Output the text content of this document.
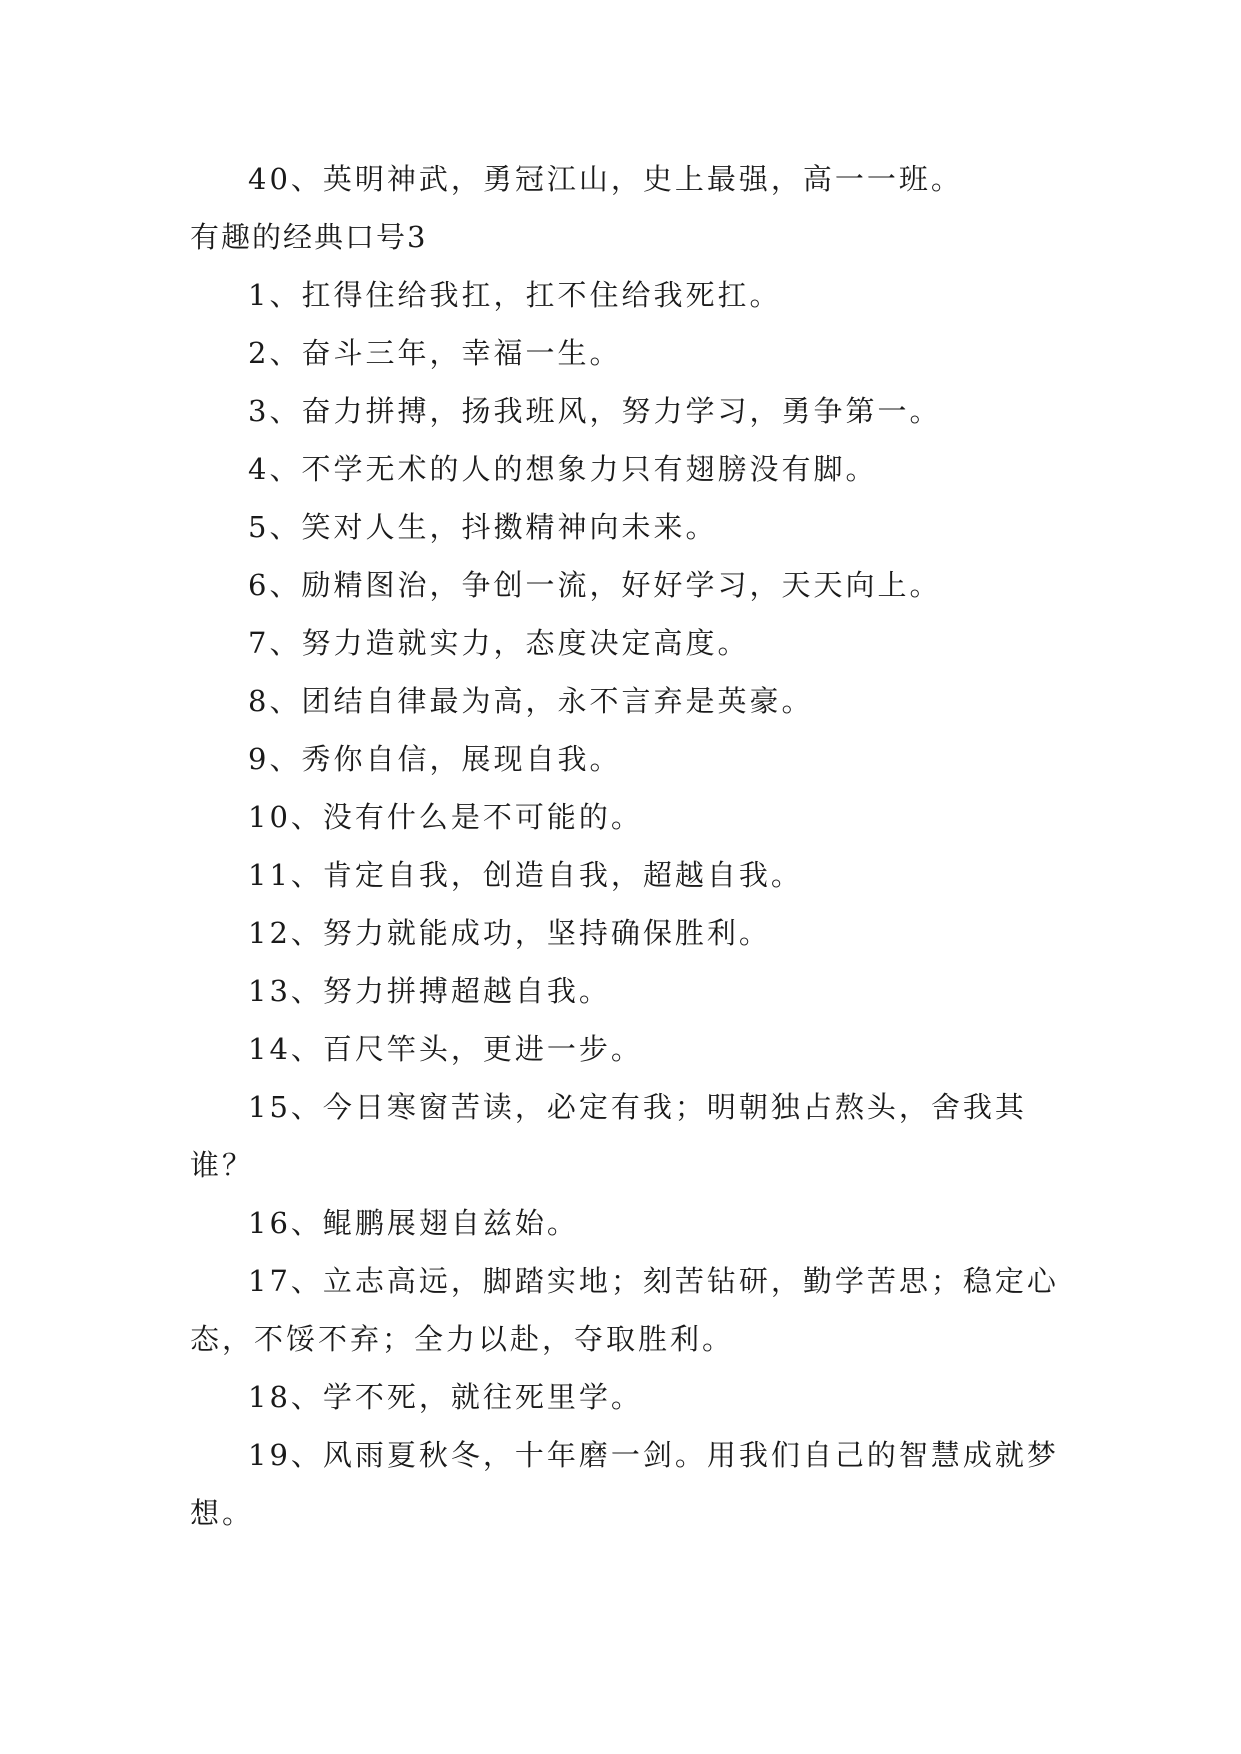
40、英明神武，勇冠江山，史上最强，高一一班。

有趣的经典口号3

1、扛得住给我扛，扛不住给我死扛。

2、奋斗三年，幸福一生。

3、奋力拼搏，扬我班风，努力学习，勇争第一。

4、不学无术的人的想象力只有翅膀没有脚。

5、笑对人生，抖擞精神向未来。

6、励精图治，争创一流，好好学习，天天向上。

7、努力造就实力，态度决定高度。

8、团结自律最为高，永不言弃是英豪。

9、秀你自信，展现自我。

10、没有什么是不可能的。

11、肯定自我，创造自我，超越自我。

12、努力就能成功，坚持确保胜利。

13、努力拼搏超越自我。

14、百尺竿头，更进一步。

15、今日寒窗苦读，必定有我；明朝独占熬头，舍我其谁？

16、鲲鹏展翅自兹始。

17、立志高远，脚踏实地；刻苦钻研，勤学苦思；稳定心态，不馁不弃；全力以赴，夺取胜利。

18、学不死，就往死里学。

19、风雨夏秋冬，十年磨一剑。用我们自己的智慧成就梦想。
